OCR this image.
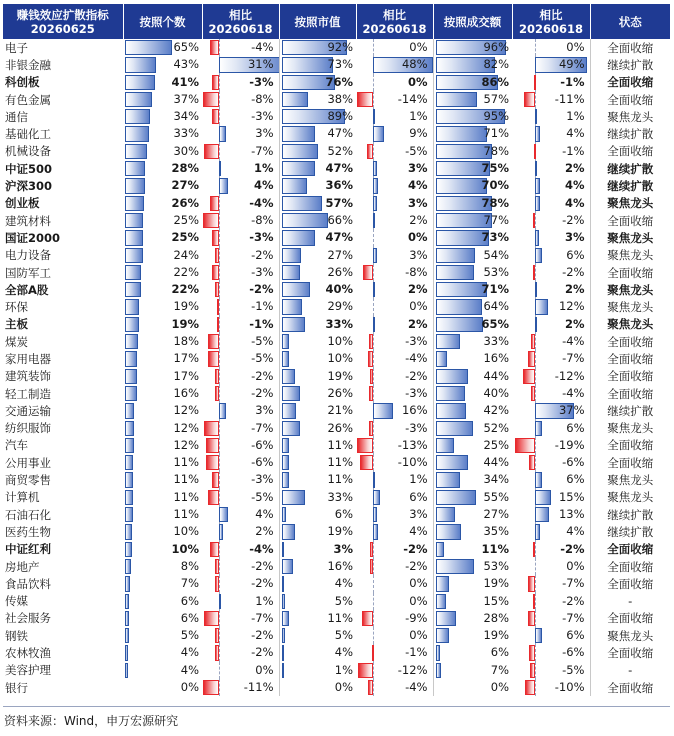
赚钱效应扩散指标
20260625	按照个数	相比
20260618	按照市值	相比
20260618	按照成交额	相比
20260618	状态
电子	65%	-4%	92%	0%	96%	0%	全面收缩
非银金融	43%	31%	73%	48%	82%	49%	继续扩散
科创板	41%	-3%	76%	0%	86%	-1%	全面收缩
有色金属	37%	-8%	38%	-14%	57%	-11%	全面收缩
通信	34%	-3%	89%	1%	95%	1%	聚焦龙头
基础化工	33%	3%	47%	9%	71%	4%	继续扩散
机械设备	30%	-7%	52%	-5%	78%	-1%	全面收缩
中证500	28%	1%	47%	3%	75%	2%	继续扩散
沪深300	27%	4%	36%	4%	70%	4%	继续扩散
创业板	26%	-4%	57%	3%	78%	4%	聚焦龙头
建筑材料	25%	-8%	66%	2%	77%	-2%	全面收缩
国证2000	25%	-3%	47%	0%	73%	3%	聚焦龙头
电力设备	24%	-2%	27%	3%	54%	6%	聚焦龙头
国防军工	22%	-3%	26%	-8%	53%	-2%	全面收缩
全部A股	22%	-2%	40%	2%	71%	2%	聚焦龙头
环保	19%	-1%	29%	0%	64%	12%	聚焦龙头
主板	19%	-1%	33%	2%	65%	2%	聚焦龙头
煤炭	18%	-5%	10%	-3%	33%	-4%	全面收缩
家用电器	17%	-5%	10%	-4%	16%	-7%	全面收缩
建筑装饰	17%	-2%	19%	-2%	44%	-12%	全面收缩
轻工制造	16%	-2%	26%	-3%	40%	-4%	全面收缩
交通运输	12%	3%	21%	16%	42%	37%	继续扩散
纺织服饰	12%	-7%	26%	-3%	52%	6%	聚焦龙头
汽车	12%	-6%	11%	-13%	25%	-19%	全面收缩
公用事业	11%	-6%	11%	-10%	44%	-6%	全面收缩
商贸零售	11%	-3%	11%	1%	34%	6%	聚焦龙头
计算机	11%	-5%	33%	6%	55%	15%	聚焦龙头
石油石化	11%	4%	6%	3%	27%	13%	继续扩散
医药生物	10%	2%	19%	4%	35%	4%	继续扩散
中证红利	10%	-4%	3%	-2%	11%	-2%	全面收缩
房地产	8%	-2%	16%	-2%	53%	0%	全面收缩
食品饮料	7%	-2%	4%	0%	19%	-7%	全面收缩
传媒	6%	1%	5%	0%	15%	-2%	-
社会服务	6%	-7%	11%	-9%	28%	-7%	全面收缩
钢铁	5%	-2%	5%	0%	19%	6%	聚焦龙头
农林牧渔	4%	-2%	4%	-1%	6%	-6%	全面收缩
美容护理	4%	0%	1%	-12%	7%	-5%	-
银行	0%	-11%	0%	-4%	0%	-10%	全面收缩
资料来源：Wind，申万宏源研究
